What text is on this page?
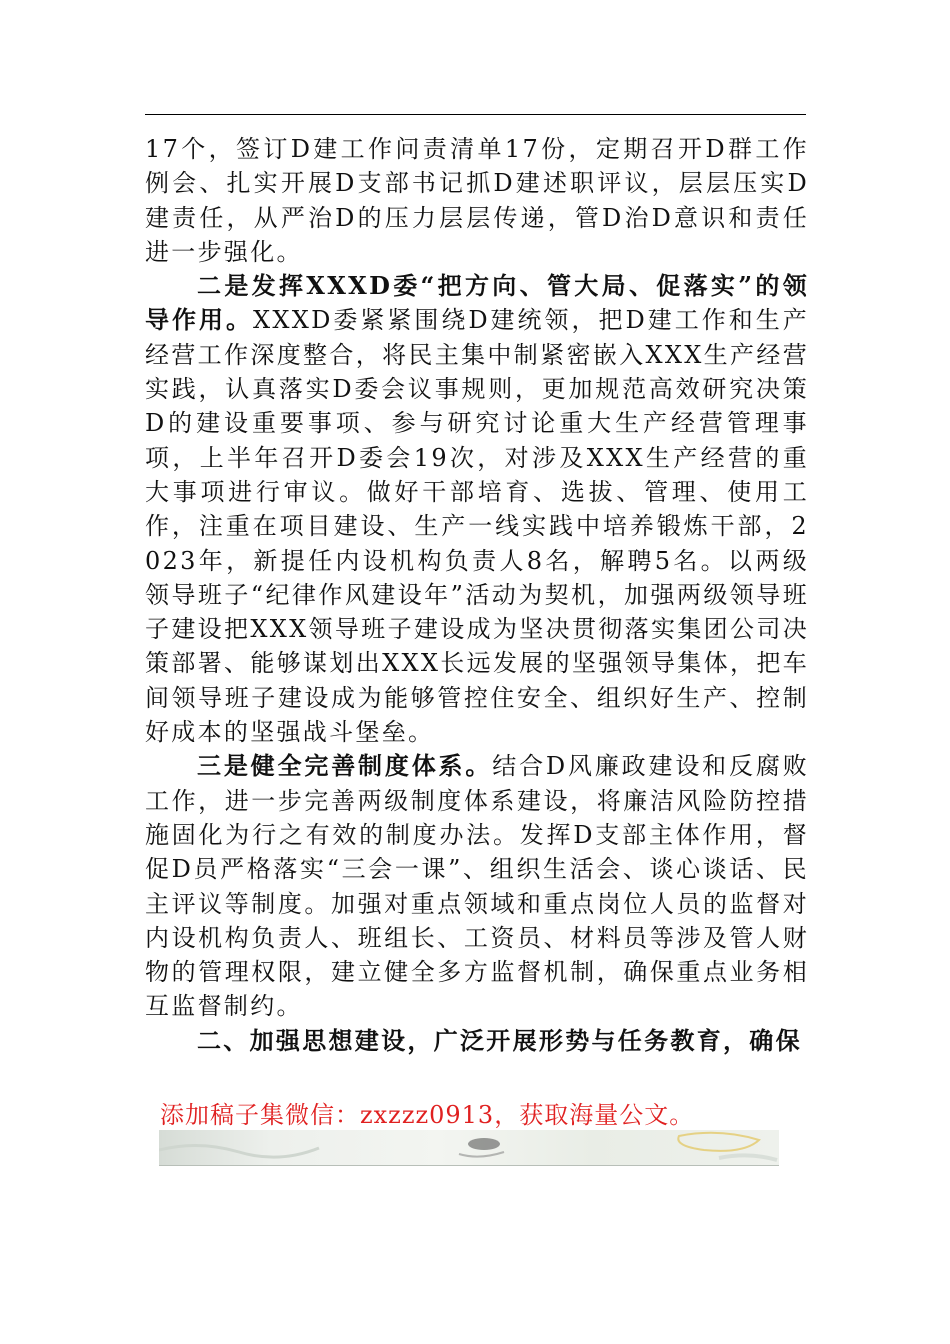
17个，签订D建工作问责清单17份，定期召开D群工作例会、扎实开展D支部书记抓D建述职评议，层层压实D建责任，从严治D的压力层层传递，管D治D意识和责任进一步强化。

二是发挥XXXD委“把方向、管大局、促落实”的领导作用。XXXD委紧紧围绕D建统领，把D建工作和生产经营工作深度整合，将民主集中制紧密嵌入XXX生产经营实践，认真落实D委会议事规则，更加规范高效研究决策D的建设重要事项、参与研究讨论重大生产经营管理事项，上半年召开D委会19次，对涉及XXX生产经营的重大事项进行审议。做好干部培育、选拔、管理、使用工作，注重在项目建设、生产一线实践中培养锻炼干部，2023年，新提任内设机构负责人8名，解聘5名。以两级领导班子“纪律作风建设年”活动为契机，加强两级领导班子建设把XXX领导班子建设成为坚决贯彻落实集团公司决策部署、能够谋划出XXX长远发展的坚强领导集体，把车间领导班子建设成为能够管控住安全、组织好生产、控制好成本的坚强战斗堡垒。

三是健全完善制度体系。结合D风廉政建设和反腐败工作，进一步完善两级制度体系建设，将廉洁风险防控措施固化为行之有效的制度办法。发挥D支部主体作用，督促D员严格落实“三会一课”、组织生活会、谈心谈话、民主评议等制度。加强对重点领域和重点岗位人员的监督对内设机构负责人、班组长、工资员、材料员等涉及管人财物的管理权限，建立健全多方监督机制，确保重点业务相互监督制约。

二、加强思想建设，广泛开展形势与任务教育，确保

添加稿子集微信：zxzzz0913，获取海量公文。
